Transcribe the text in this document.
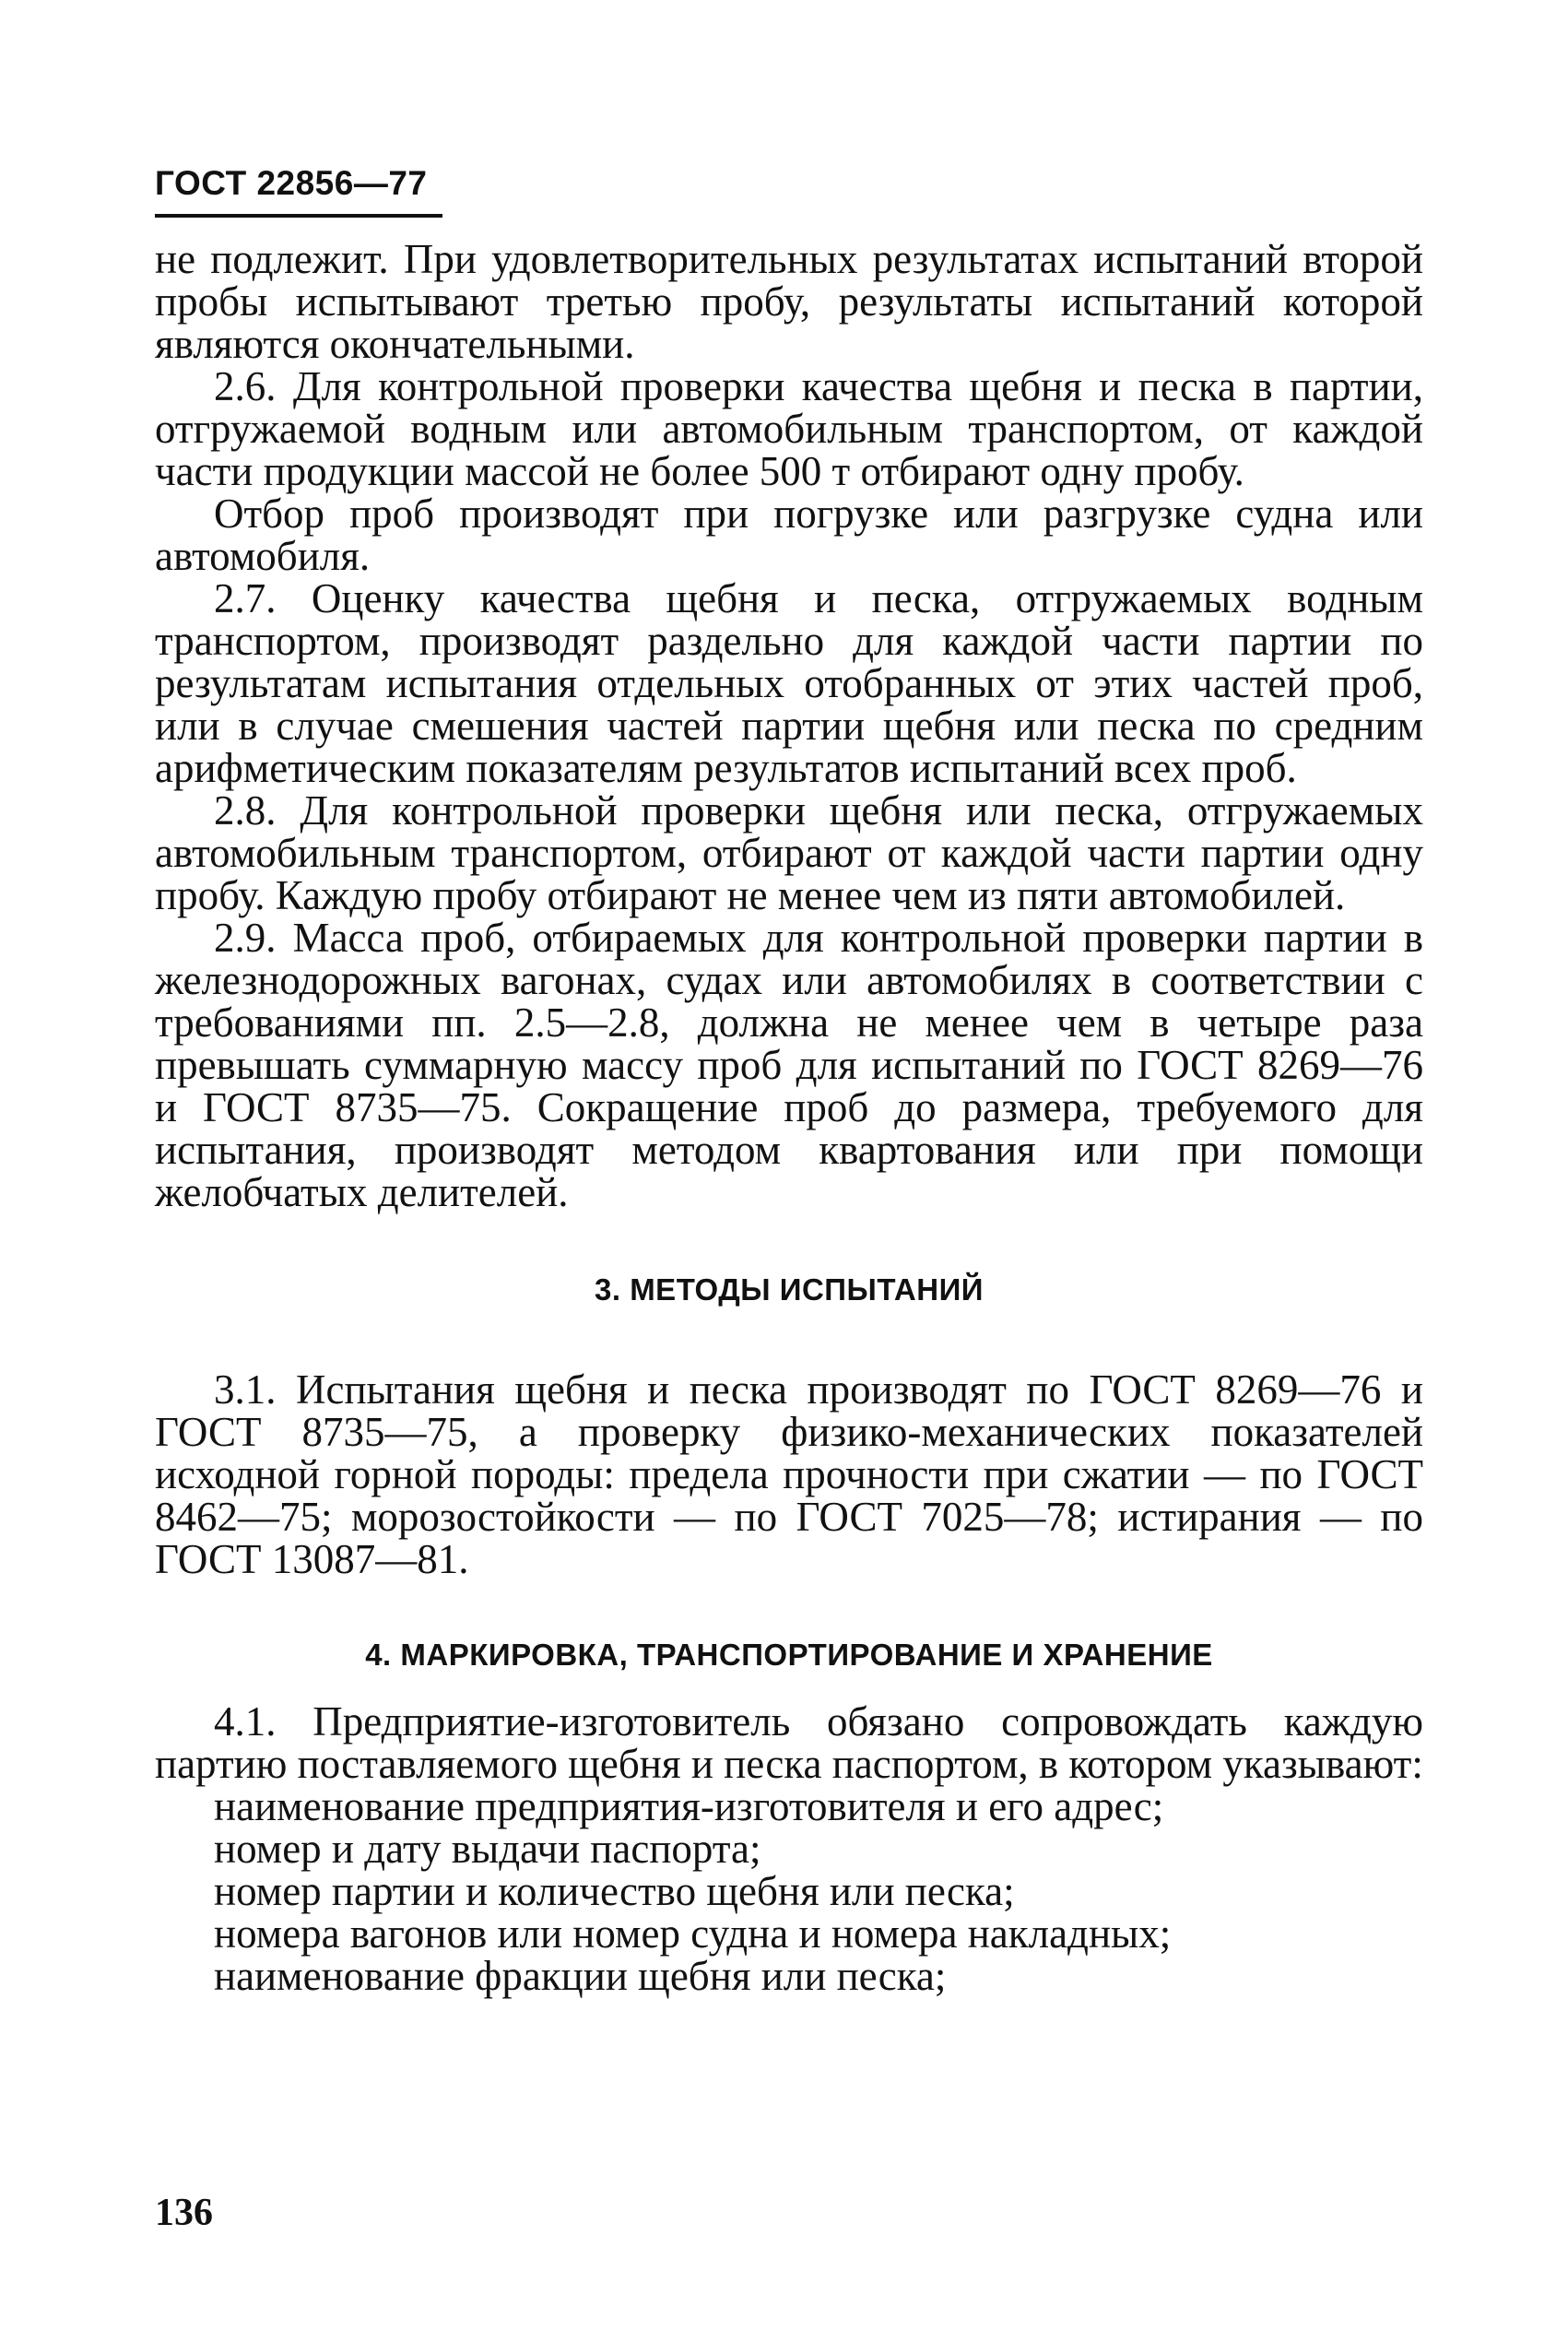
ГОСТ 22856—77

не подлежит. При удовлетворительных результатах испытаний второй пробы испытывают третью пробу, результаты испытаний которой являются окончательными.

2.6. Для контрольной проверки качества щебня и песка в партии, отгружаемой водным или автомобильным транспортом, от каждой части продукции массой не более 500 т отбирают одну пробу.

Отбор проб производят при погрузке или разгрузке судна или автомобиля.

2.7. Оценку качества щебня и песка, отгружаемых водным транспортом, производят раздельно для каждой части партии по результатам испытания отдельных отобранных от этих частей проб, или в случае смешения частей партии щебня или песка по средним арифметическим показателям результатов испытаний всех проб.

2.8. Для контрольной проверки щебня или песка, отгружаемых автомобильным транспортом, отбирают от каждой части партии одну пробу. Каждую пробу отбирают не менее чем из пяти автомобилей.

2.9. Масса проб, отбираемых для контрольной проверки партии в железнодорожных вагонах, судах или автомобилях в соответствии с требованиями пп. 2.5—2.8, должна не менее чем в четыре раза превышать суммарную массу проб для испытаний по ГОСТ 8269—76 и ГОСТ 8735—75. Сокращение проб до размера, требуемого для испытания, производят методом квартования или при помощи желобчатых делителей.

3. МЕТОДЫ ИСПЫТАНИЙ

3.1. Испытания щебня и песка производят по ГОСТ 8269—76 и ГОСТ 8735—75, а проверку физико-механических показателей исходной горной породы: предела прочности при сжатии — по ГОСТ 8462—75; морозостойкости — по ГОСТ 7025—78; истирания — по ГОСТ 13087—81.

4. МАРКИРОВКА, ТРАНСПОРТИРОВАНИЕ И ХРАНЕНИЕ

4.1. Предприятие-изготовитель обязано сопровождать каждую партию поставляемого щебня и песка паспортом, в котором указывают:

наименование предприятия-изготовителя и его адрес;
номер и дату выдачи паспорта;
номер партии и количество щебня или песка;
номера вагонов или номер судна и номера накладных;
наименование фракции щебня или песка;
136
